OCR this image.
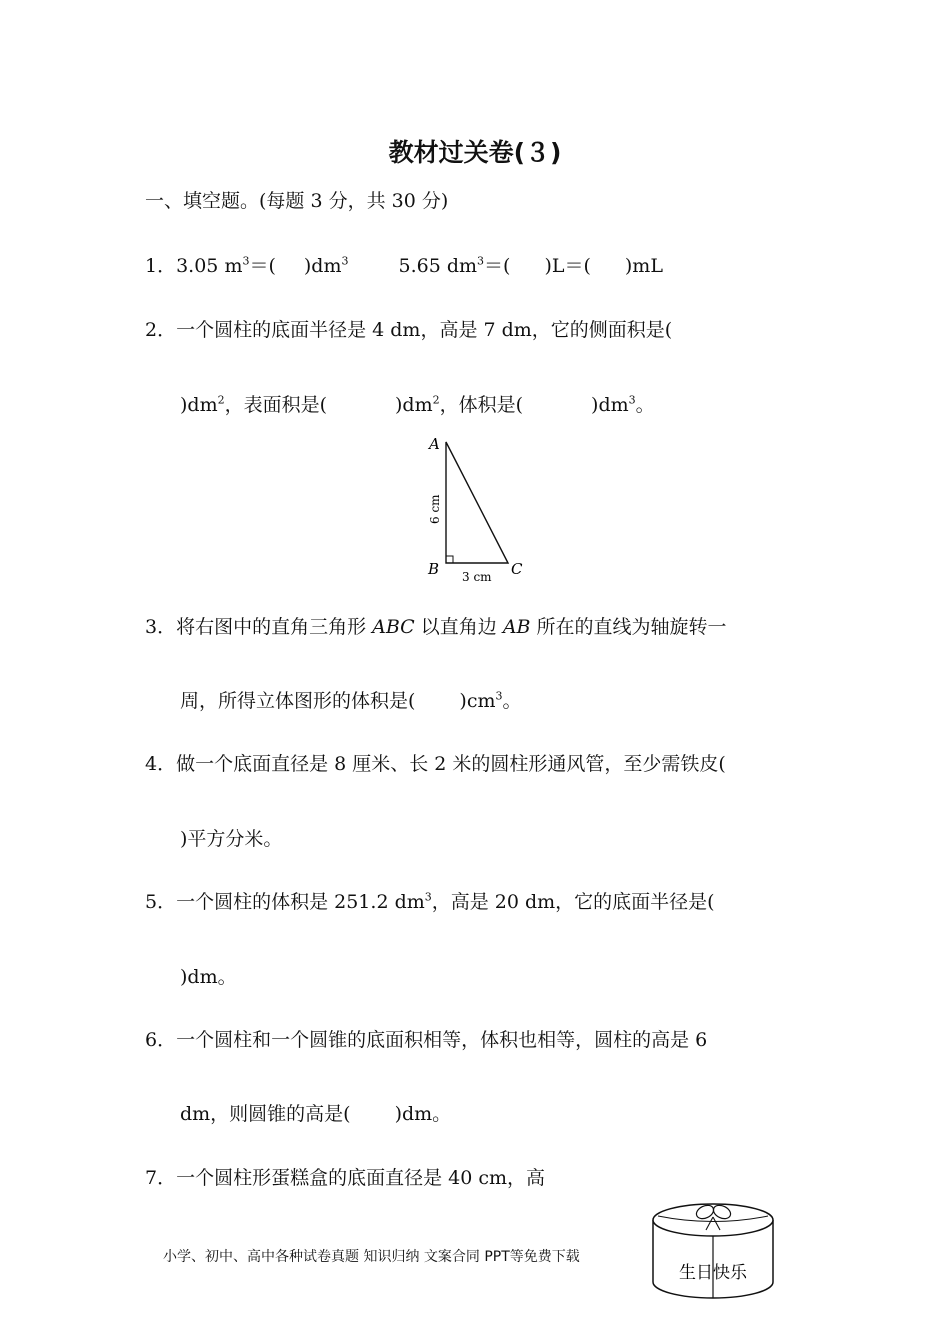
教材过关卷(３)
一、填空题。(每题 3 分，共 30 分)
1．3.05 $m^3=$( )$dm^3$	5.65 $dm^3=$( )L＝( )mL
2．一个圆柱的底面半径是 4 dm，高是 7 dm，它的侧面积是(
)$dm^2$，表面积是(	)$dm^2$，体积是(	)$dm^3$。
A
B	C
6 cm
3 cm
3．将右图中的直角三角形 ABC 以直角边 AB 所在的直线为轴旋转一
周，所得立体图形的体积是( )$cm^3$。
4．做一个底面直径是 8 厘米、长 2 米的圆柱形通风管，至少需铁皮(
)平方分米。
5．一个圆柱的体积是 251.2 $dm^3$，高是 20 dm，它的底面半径是(
)dm。
6．一个圆柱和一个圆锥的底面积相等，体积也相等，圆柱的高是 6
dm，则圆锥的高是( )dm。
7．一个圆柱形蛋糕盒的底面直径是 40 cm，高
生日快乐
小学、初中、高中各种试卷真题 知识归纳 文案合同 PPT等免费下载
